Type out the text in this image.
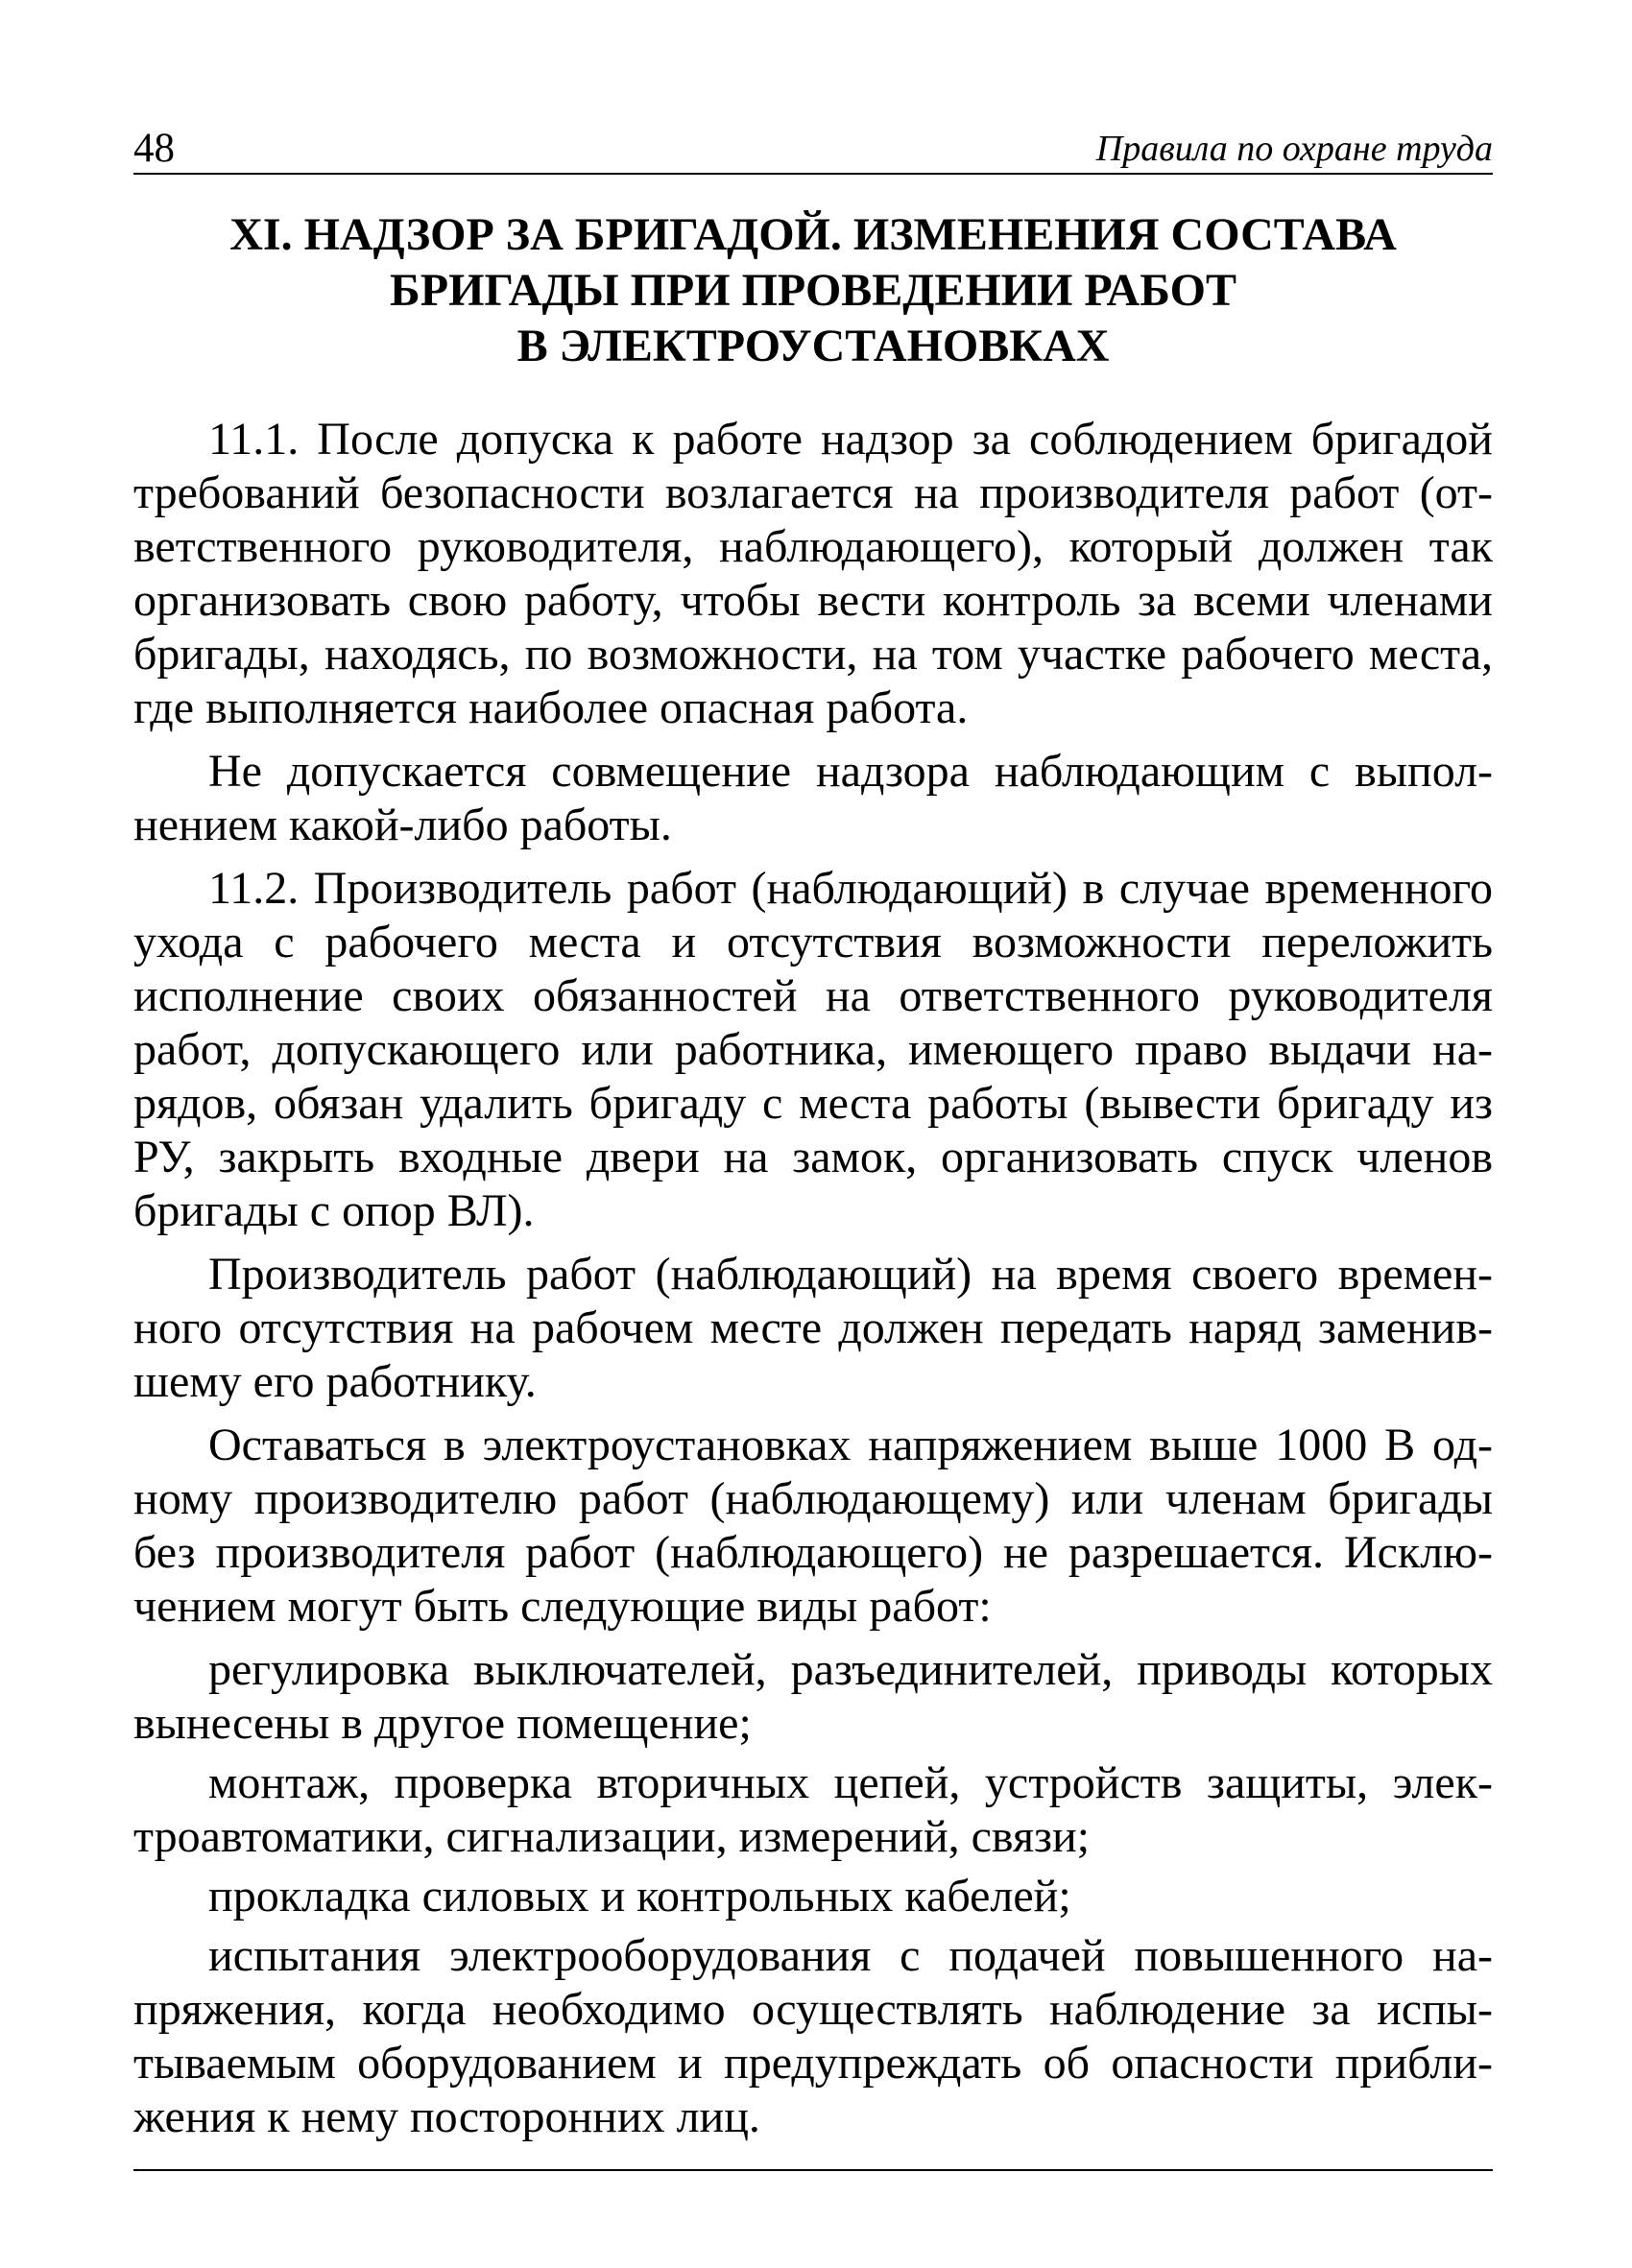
48	Правила по охране труда
XI. НАДЗОР ЗА БРИГАДОЙ. ИЗМЕНЕНИЯ СОСТАВА
БРИГАДЫ ПРИ ПРОВЕДЕНИИ РАБОТ
В ЭЛЕКТРОУСТАНОВКАХ

11.1. После допуска к работе надзор за соблюдением бригадой требований безопасности возлагается на производителя работ (ответственного руководителя, наблюдающего), который должен так организовать свою работу, чтобы вести контроль за всеми членами бригады, находясь, по возможности, на том участке рабочего места, где выполняется наиболее опасная работа.

Не допускается совмещение надзора наблюдающим с выполнением какой-либо работы.

11.2. Производитель работ (наблюдающий) в случае временного ухода с рабочего места и отсутствия возможности переложить исполнение своих обязанностей на ответственного руководителя работ, допускающего или работника, имеющего право выдачи нарядов, обязан удалить бригаду с места работы (вывести бригаду из РУ, закрыть входные двери на замок, организовать спуск членов бригады с опор ВЛ).

Производитель работ (наблюдающий) на время своего временного отсутствия на рабочем месте должен передать наряд заменившему его работнику.

Оставаться в электроустановках напряжением выше 1000 В одному производителю работ (наблюдающему) или членам бригады без производителя работ (наблюдающего) не разрешается. Исключением могут быть следующие виды работ:

регулировка выключателей, разъединителей, приводы которых вынесены в другое помещение;

монтаж, проверка вторичных цепей, устройств защиты, электроавтоматики, сигнализации, измерений, связи;

прокладка силовых и контрольных кабелей;

испытания электрооборудования с подачей повышенного напряжения, когда необходимо осуществлять наблюдение за испытываемым оборудованием и предупреждать об опасности приближения к нему посторонних лиц.
